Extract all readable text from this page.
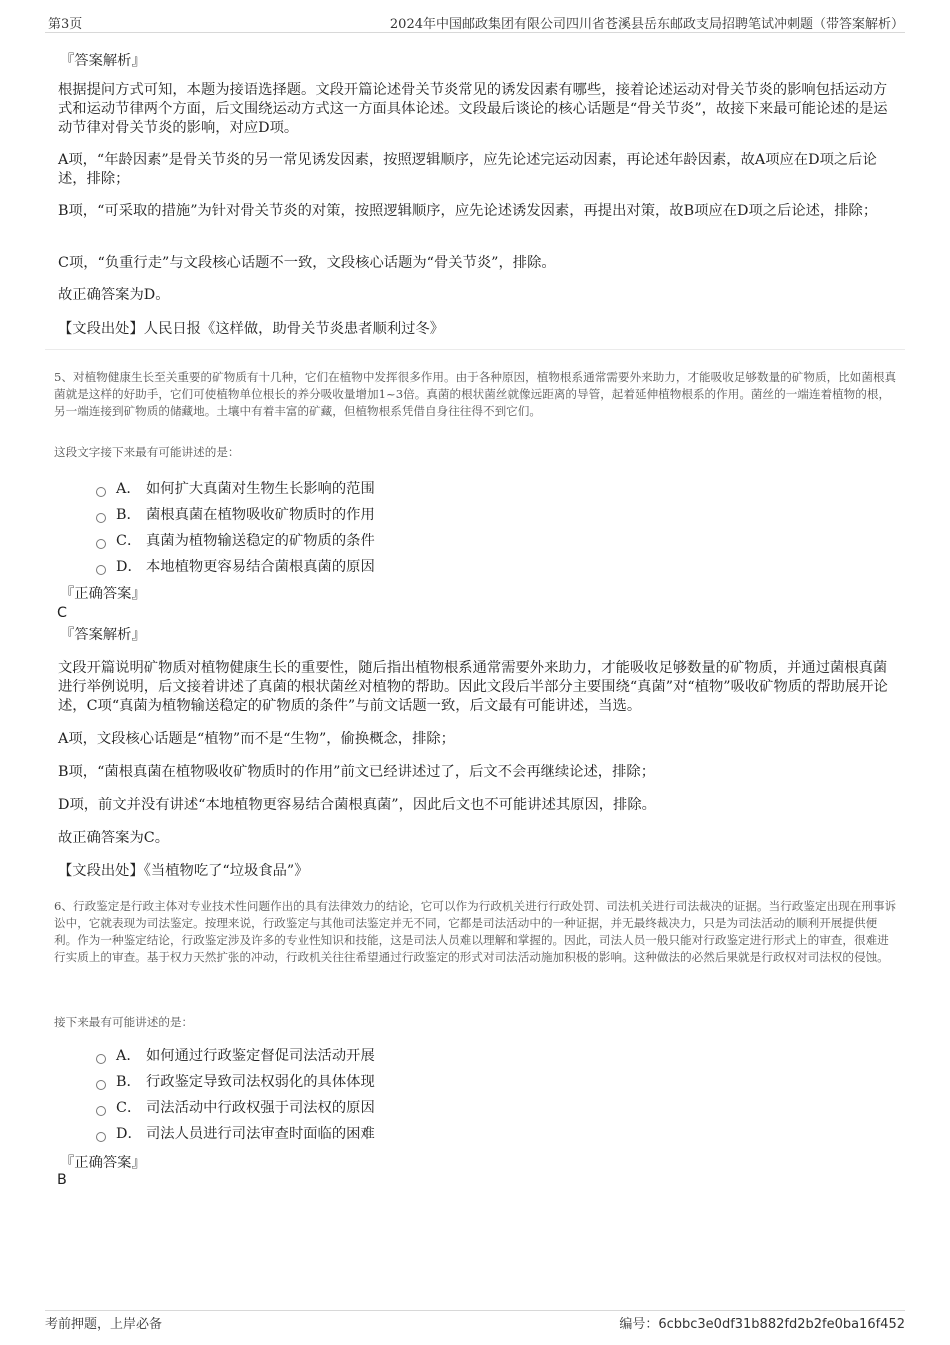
第3页	2024年中国邮政集团有限公司四川省苍溪县岳东邮政支局招聘笔试冲刺题（带答案解析）
『答案解析』
根据提问方式可知，本题为接语选择题。文段开篇论述骨关节炎常见的诱发因素有哪些，接着论述运动对骨关节炎的影响包括运动方式和运动节律两个方面，后文围绕运动方式这一方面具体论述。文段最后谈论的核心话题是“骨关节炎”，故接下来最可能论述的是运动节律对骨关节炎的影响，对应D项。
A项，“年龄因素”是骨关节炎的另一常见诱发因素，按照逻辑顺序，应先论述完运动因素，再论述年龄因素，故A项应在D项之后论述，排除；
B项，“可采取的措施”为针对骨关节炎的对策，按照逻辑顺序，应先论述诱发因素，再提出对策，故B项应在D项之后论述，排除；
C项，“负重行走”与文段核心话题不一致，文段核心话题为“骨关节炎”，排除。
故正确答案为D。
【文段出处】人民日报《这样做，助骨关节炎患者顺利过冬》
5、对植物健康生长至关重要的矿物质有十几种，它们在植物中发挥很多作用。由于各种原因，植物根系通常需要外来助力，才能吸收足够数量的矿物质，比如菌根真菌就是这样的好助手，它们可使植物单位根长的养分吸收量增加1~3倍。真菌的根状菌丝就像远距离的导管，起着延伸植物根系的作用。菌丝的一端连着植物的根，另一端连接到矿物质的储藏地。土壤中有着丰富的矿藏，但植物根系凭借自身往往得不到它们。
这段文字接下来最有可能讲述的是：
A． 如何扩大真菌对生物生长影响的范围
B． 菌根真菌在植物吸收矿物质时的作用
C． 真菌为植物输送稳定的矿物质的条件
D． 本地植物更容易结合菌根真菌的原因
『正确答案』
C
『答案解析』
文段开篇说明矿物质对植物健康生长的重要性，随后指出植物根系通常需要外来助力，才能吸收足够数量的矿物质，并通过菌根真菌进行举例说明，后文接着讲述了真菌的根状菌丝对植物的帮助。因此文段后半部分主要围绕“真菌”对“植物”吸收矿物质的帮助展开论述，C项“真菌为植物输送稳定的矿物质的条件”与前文话题一致，后文最有可能讲述，当选。
A项，文段核心话题是“植物”而不是“生物”，偷换概念，排除；
B项，“菌根真菌在植物吸收矿物质时的作用”前文已经讲述过了，后文不会再继续论述，排除；
D项，前文并没有讲述“本地植物更容易结合菌根真菌”，因此后文也不可能讲述其原因，排除。
故正确答案为C。
【文段出处】《当植物吃了“垃圾食品”》
6、行政鉴定是行政主体对专业技术性问题作出的具有法律效力的结论，它可以作为行政机关进行行政处罚、司法机关进行司法裁决的证据。当行政鉴定出现在刑事诉讼中，它就表现为司法鉴定。按理来说，行政鉴定与其他司法鉴定并无不同，它都是司法活动中的一种证据，并无最终裁决力，只是为司法活动的顺利开展提供便利。作为一种鉴定结论，行政鉴定涉及许多的专业性知识和技能，这是司法人员难以理解和掌握的。因此，司法人员一般只能对行政鉴定进行形式上的审查，很难进行实质上的审查。基于权力天然扩张的冲动，行政机关往往希望通过行政鉴定的形式对司法活动施加积极的影响。这种做法的必然后果就是行政权对司法权的侵蚀。
接下来最有可能讲述的是：
A． 如何通过行政鉴定督促司法活动开展
B． 行政鉴定导致司法权弱化的具体体现
C． 司法活动中行政权强于司法权的原因
D． 司法人员进行司法审查时面临的困难
『正确答案』
B
考前押题，上岸必备	编号：6cbbc3e0df31b882fd2b2fe0ba16f452
